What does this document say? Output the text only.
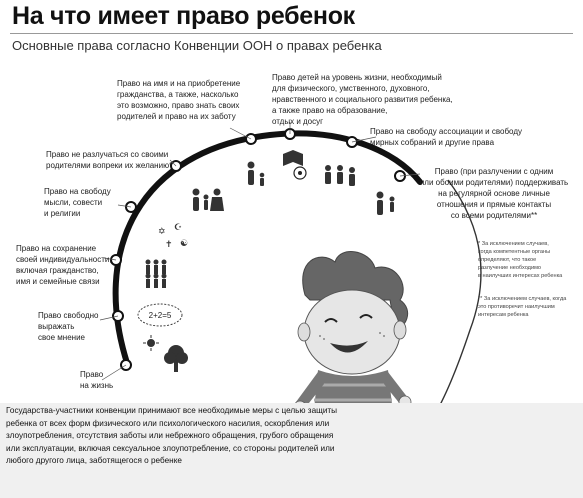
На что имеет право ребенок
Основные права согласно Конвенции ООН о правах ребенка
2+2=5
✡ ☪
✝ ☯
Право
на жизнь
Право свободно
выражать
свое мнение
Право на сохранение
своей индивидуальности,
включая гражданство,
имя и семейные связи
Право на свободу
мысли, совести
и религии
Право не разлучаться со своими
родителями вопреки их желанию*
Право на имя и на приобретение
гражданства, а также, насколько
это возможно, право знать своих
родителей и право на их заботу
Право детей на уровень жизни, необходимый
для физического, умственного, духовного,
нравственного и социального развития ребенка,
а также право на образование,
отдых и досуг
Право на свободу ассоциации и свободу
мирных собраний и другие права
Право (при разлучении с одним
или обоими родителями) поддерживать
на регулярной основе личные
отношения и прямые контакты
со всеми родителями**
* За исключением случаев,
когда компетентные органы
определяют, что такое
разлучение необходимо
в наилучших интересах ребенка
** За исключением случаев, когда
это противоречит наилучшим
интересам ребенка

Государства-участники конвенции принимают все необходимые меры с целью защиты ребенка от всех форм физического или психологического насилия, оскорбления или злоупотребления, отсутствия заботы или небрежного обращения, грубого обращения или эксплуатации, включая сексуальное злоупотребление, со стороны родителей или любого другого лица, заботящегося о ребенке
